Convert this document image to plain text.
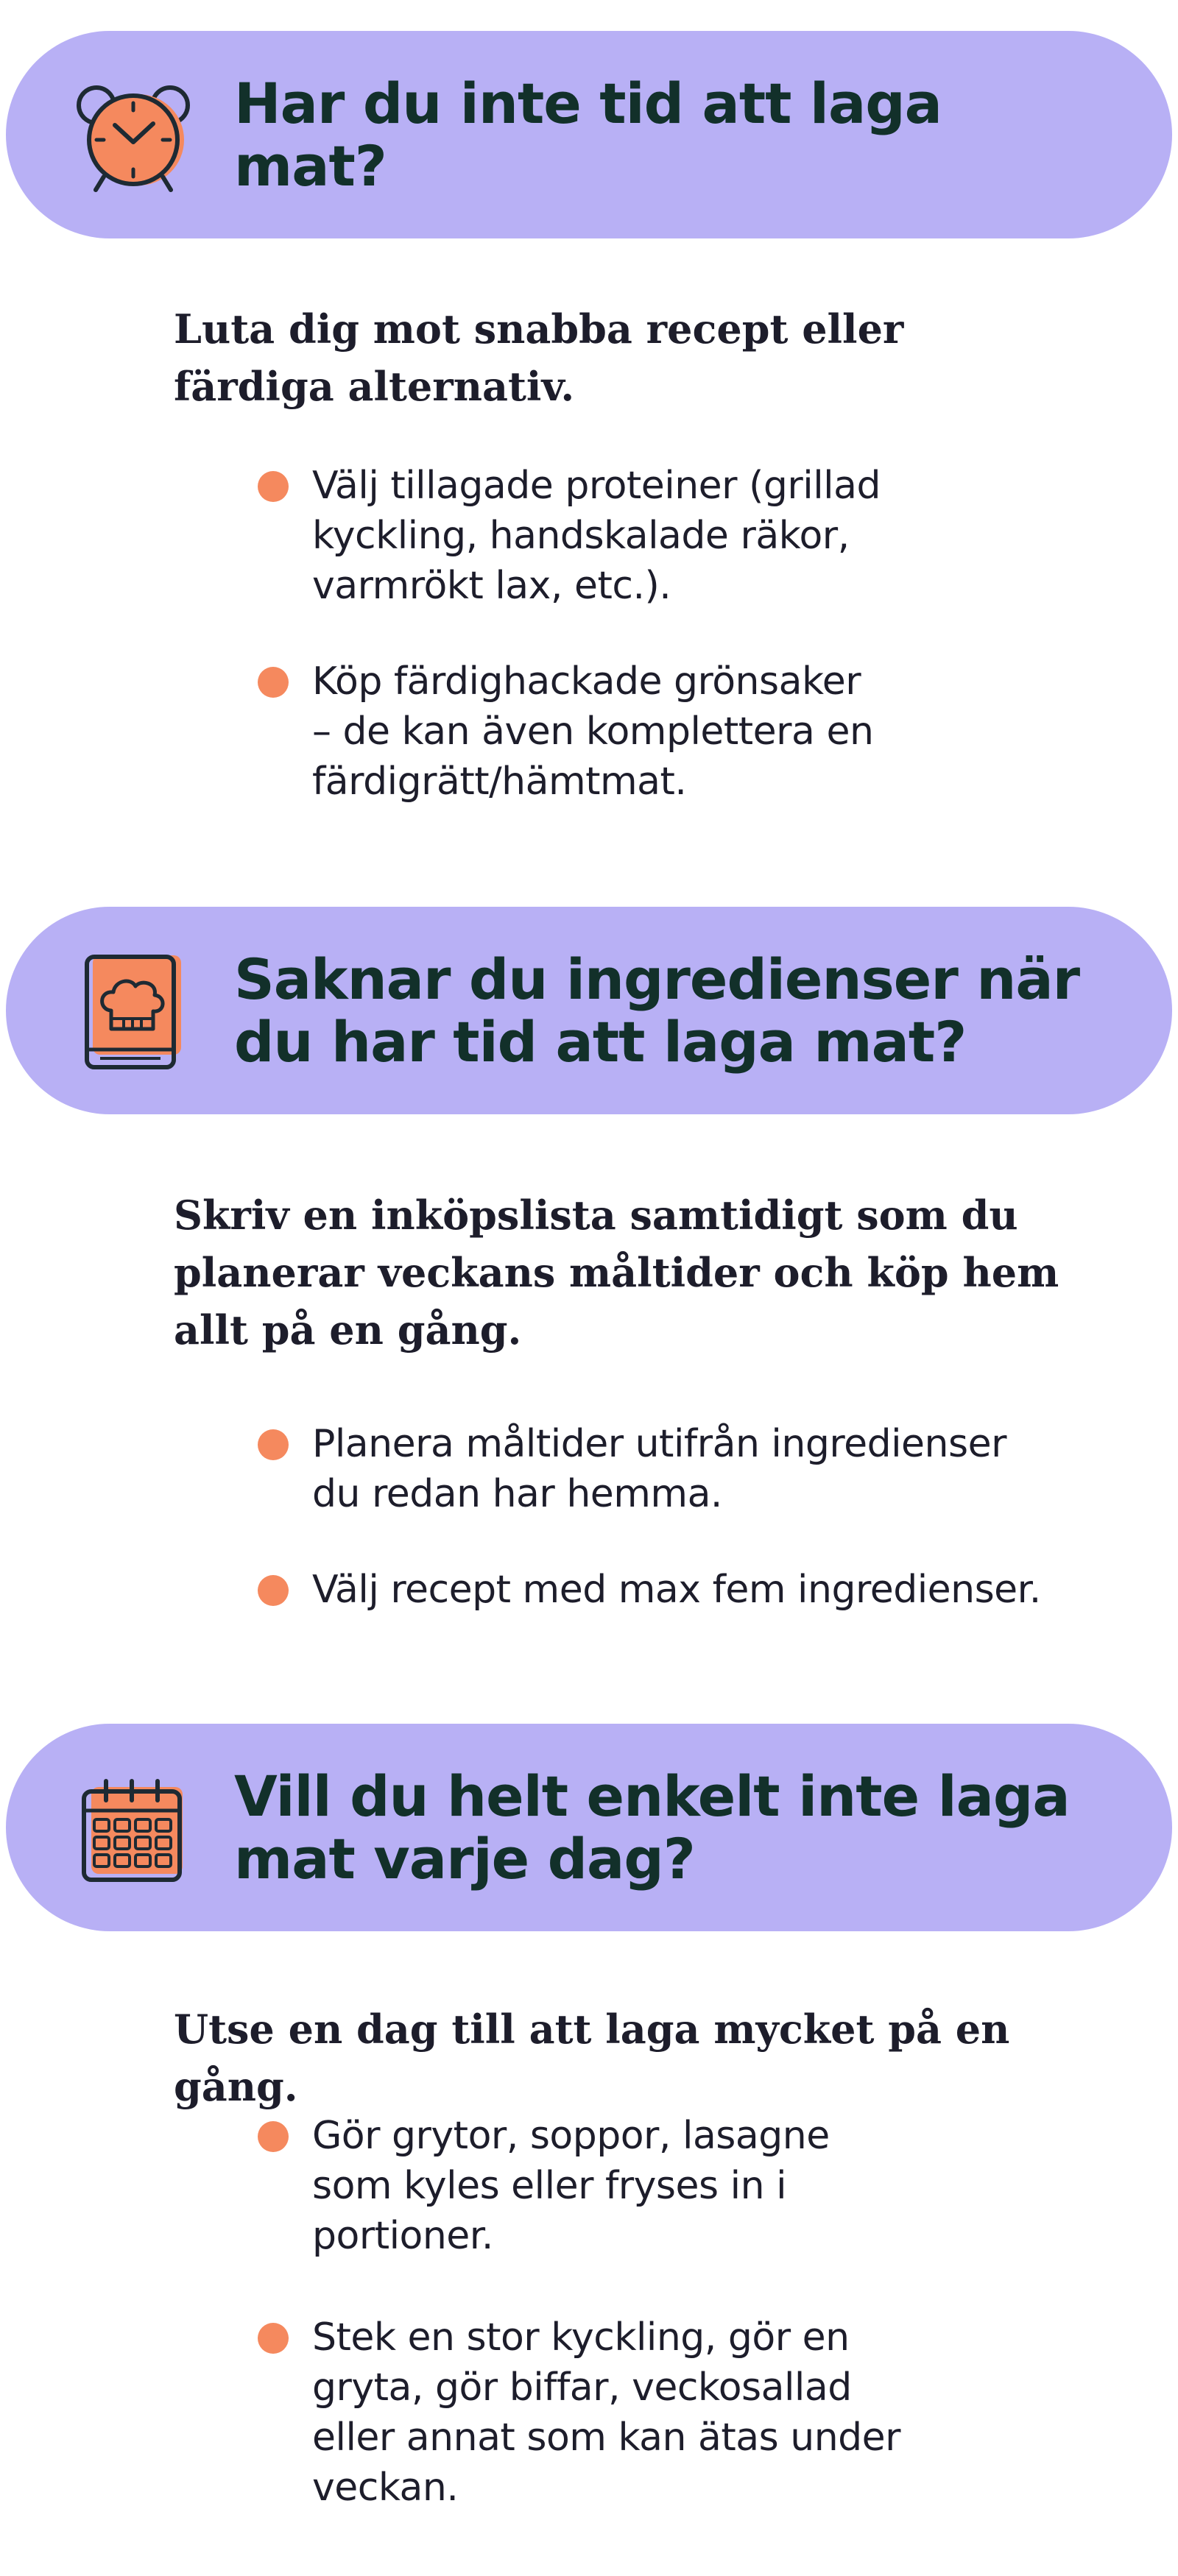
Har du inte tid att laga mat?

Luta dig mot snabba recept eller
färdiga alternativ.

Välj tillagade proteiner (grillad
kyckling, handskalade räkor,
varmrökt lax, etc.).

Köp färdighackade grönsaker
– de kan även komplettera en
färdigrätt/hämtmat.

Saknar du ingredienser när
du har tid att laga mat?

Skriv en inköpslista samtidigt som du
planerar veckans måltider och köp hem
allt på en gång.

Planera måltider utifrån ingredienser
du redan har hemma.

Välj recept med max fem ingredienser.

Vill du helt enkelt inte laga
mat varje dag?

Utse en dag till att laga mycket på en gång.

Gör grytor, soppor, lasagne
som kyles eller fryses in i
portioner.

Stek en stor kyckling, gör en
gryta, gör biffar, veckosallad
eller annat som kan ätas under
veckan.
